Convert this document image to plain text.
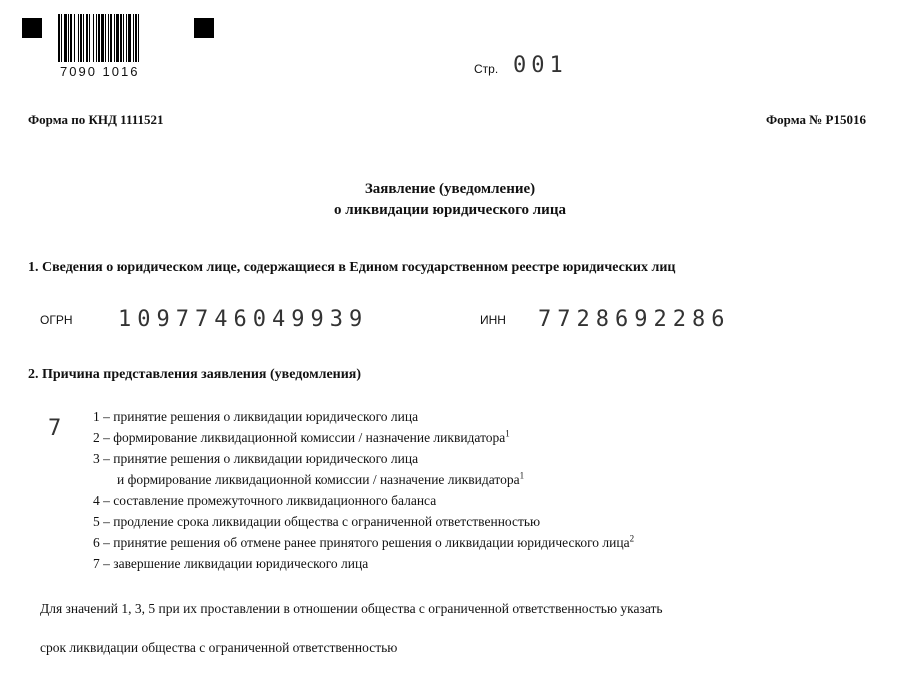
7090 1016	Стр. 001
Форма по КНД 1111521	Форма № Р15016
Заявление (уведомление)
о ликвидации юридического лица
1. Сведения о юридическом лице, содержащиеся в Едином государственном реестре юридических лиц
ОГРН 1097746049939	ИНН 7728692286
2. Причина представления заявления (уведомления)
7 1 – принятие решения о ликвидации юридического лица
2 – формирование ликвидационной комиссии / назначение ликвидатора$^1$
3 – принятие решения о ликвидации юридического лица
и формирование ликвидационной комиссии / назначение ликвидатора$^1$
4 – составление промежуточного ликвидационного баланса
5 – продление срока ликвидации общества с ограниченной ответственностью
6 – принятие решения об отмене ранее принятого решения о ликвидации юридического лица$^2$
7 – завершение ликвидации юридического лица
Для значений 1, 3, 5 при их проставлении в отношении общества с ограниченной ответственностью указать
срок ликвидации общества с ограниченной ответственностью
